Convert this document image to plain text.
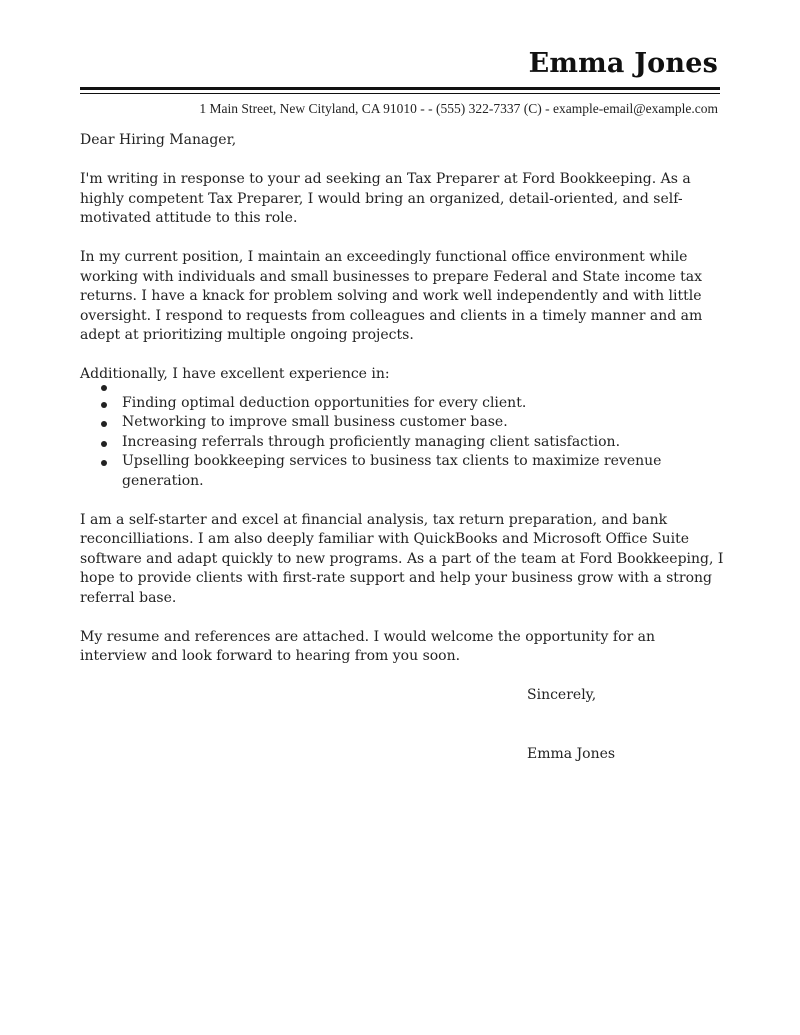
Emma Jones
1 Main Street, New Cityland, CA 91010 - - (555) 322-7337 (C) - example-email@example.com

Dear Hiring Manager,

I'm writing in response to your ad seeking an Tax Preparer at Ford Bookkeeping. As a highly competent Tax Preparer, I would bring an organized, detail-oriented, and self-motivated attitude to this role.

In my current position, I maintain an exceedingly functional office environment while working with individuals and small businesses to prepare Federal and State income tax returns. I have a knack for problem solving and work well independently and with little oversight. I respond to requests from colleagues and clients in a timely manner and am adept at prioritizing multiple ongoing projects.

Additionally, I have excellent experience in:
Finding optimal deduction opportunities for every client.
Networking to improve small business customer base.
Increasing referrals through proficiently managing client satisfaction.
Upselling bookkeeping services to business tax clients to maximize revenue generation.

I am a self-starter and excel at financial analysis, tax return preparation, and bank reconcilliations. I am also deeply familiar with QuickBooks and Microsoft Office Suite software and adapt quickly to new programs. As a part of the team at Ford Bookkeeping, I hope to provide clients with first-rate support and help your business grow with a strong referral base.

My resume and references are attached. I would welcome the opportunity for an interview and look forward to hearing from you soon.

Sincerely,
Emma Jones
